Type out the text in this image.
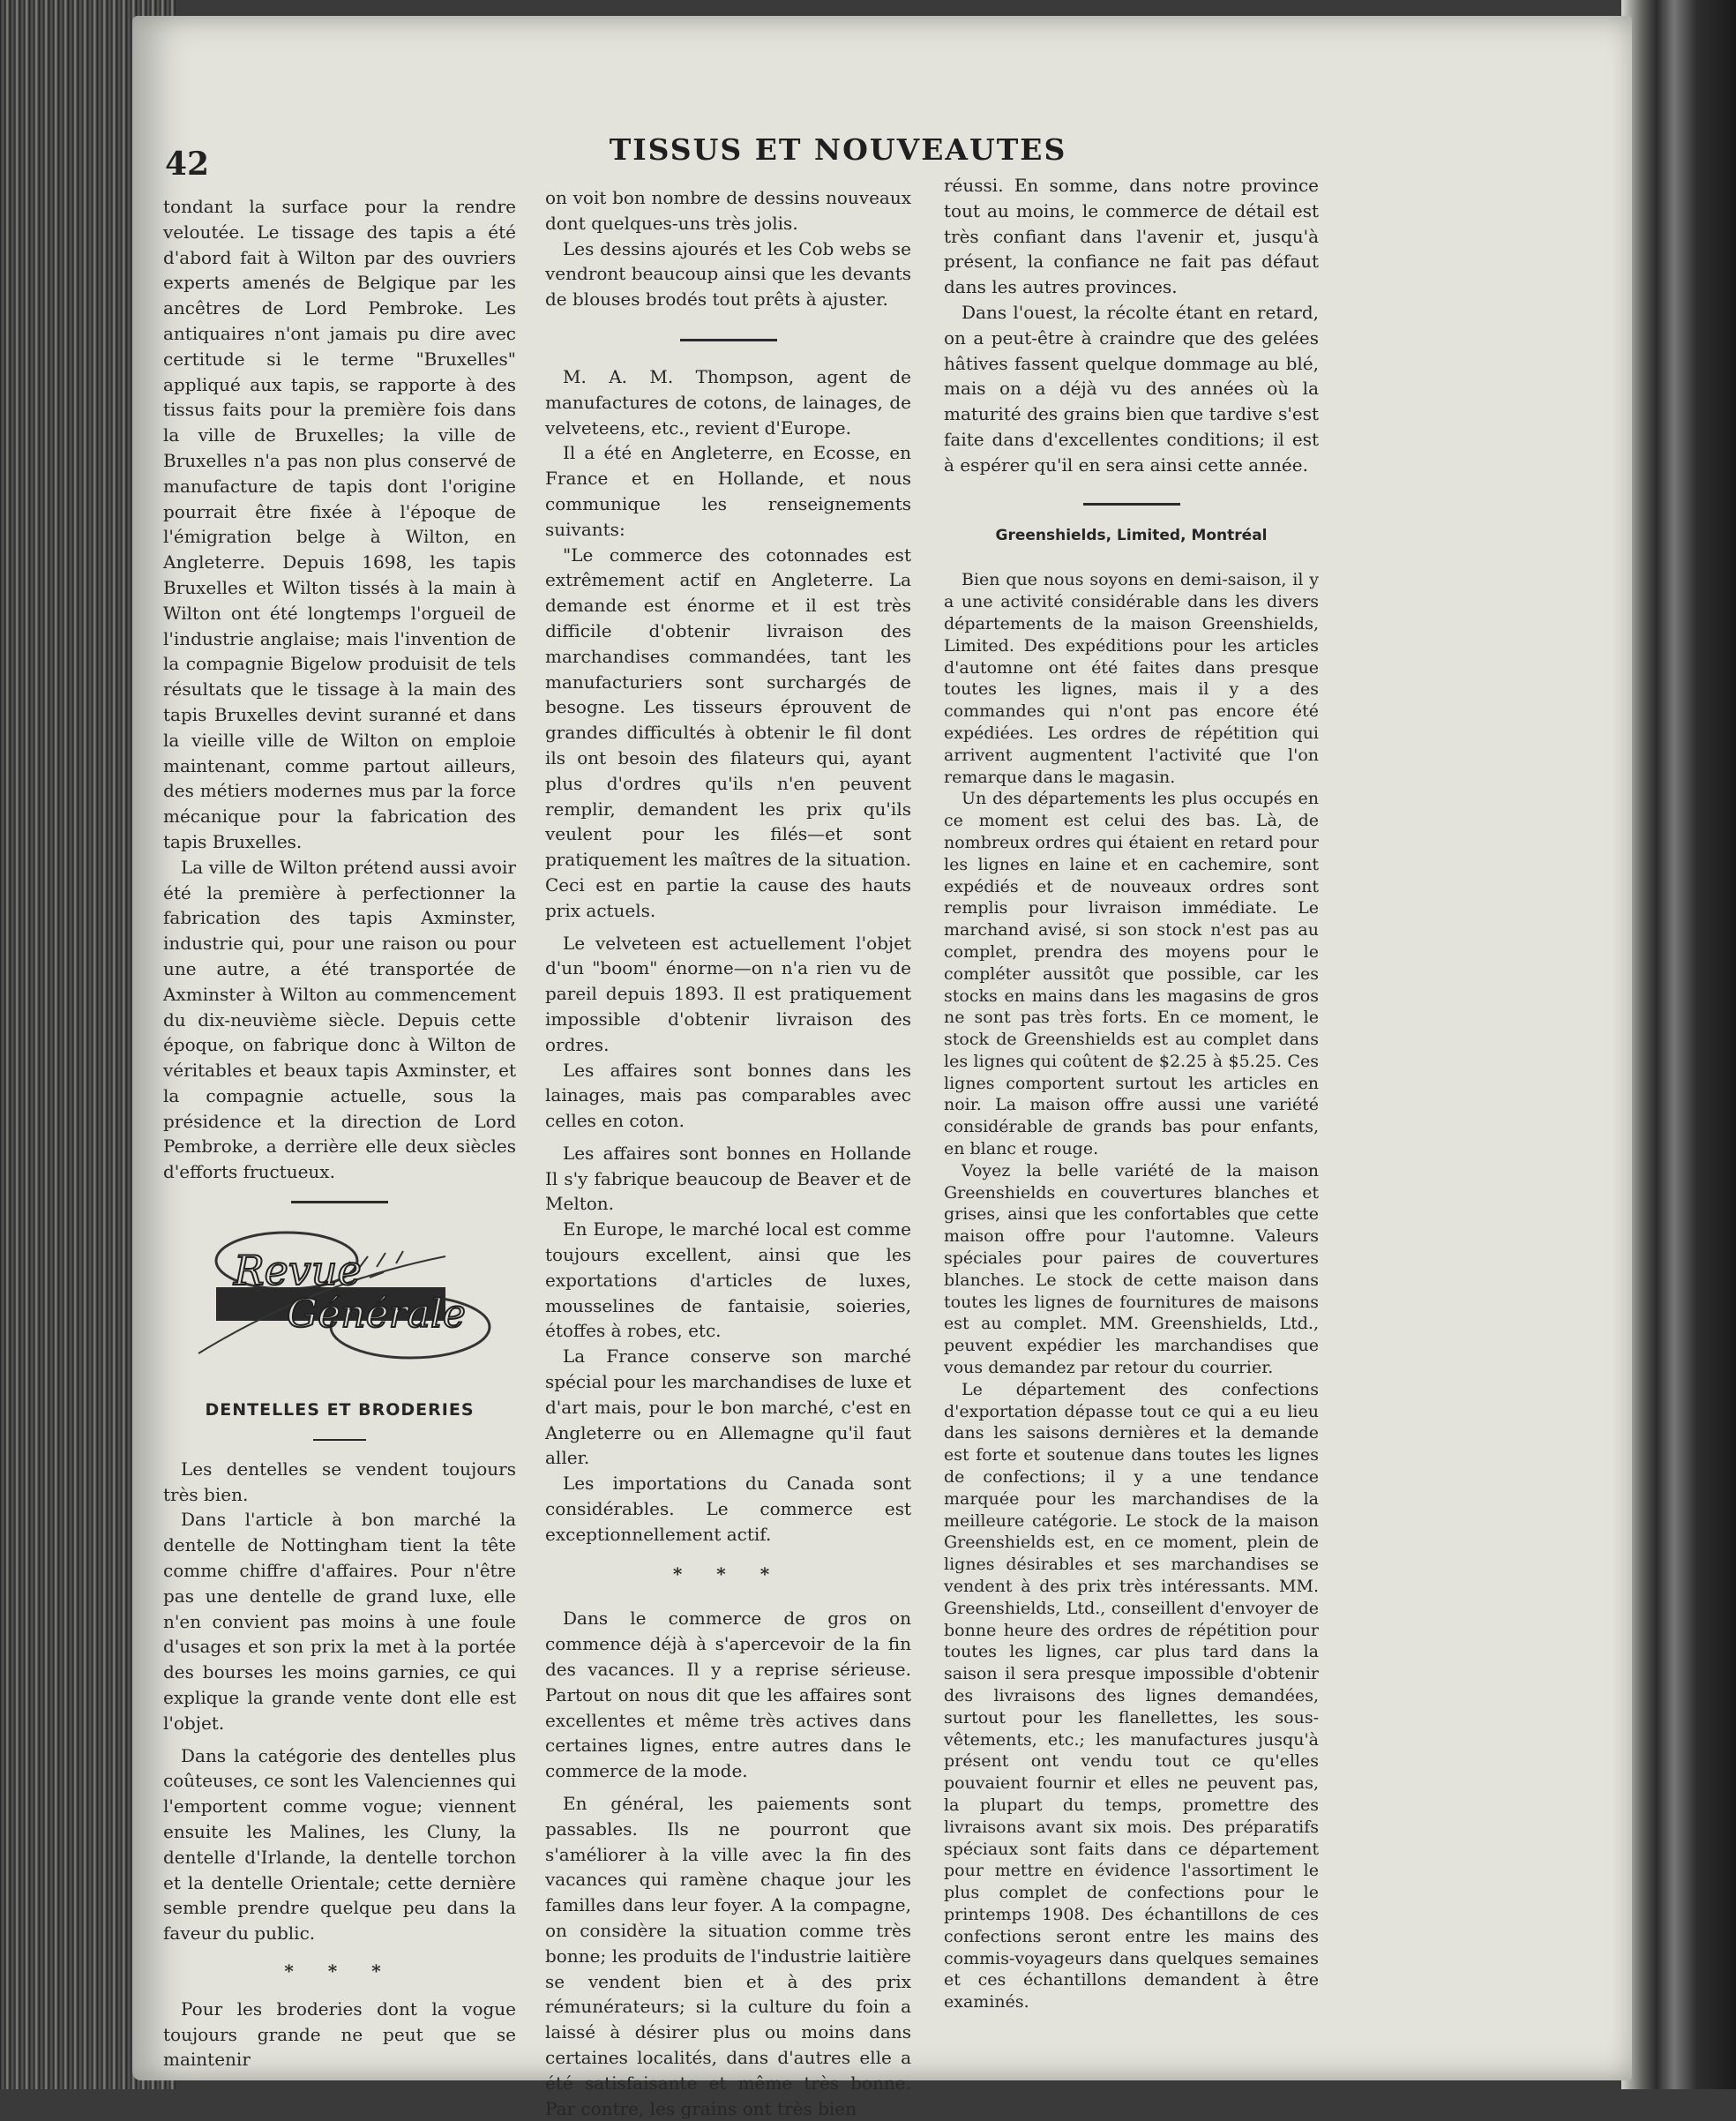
42	TISSUS ET NOUVEAUTES

tondant la surface pour la rendre veloutée. Le tissage des tapis a été d'abord fait à Wilton par des ouvriers experts amenés de Belgique par les ancêtres de Lord Pembroke. Les antiquaires n'ont jamais pu dire avec certitude si le terme "Bruxelles" appliqué aux tapis, se rapporte à des tissus faits pour la première fois dans la ville de Bruxelles; la ville de Bruxelles n'a pas non plus conservé de manufacture de tapis dont l'origine pourrait être fixée à l'époque de l'émigration belge à Wilton, en Angleterre. Depuis 1698, les tapis Bruxelles et Wilton tissés à la main à Wilton ont été longtemps l'orgueil de l'industrie anglaise; mais l'invention de la compagnie Bigelow produisit de tels résultats que le tissage à la main des tapis Bruxelles devint suranné et dans la vieille ville de Wilton on emploie maintenant, comme partout ailleurs, des métiers modernes mus par la force mécanique pour la fabrication des tapis Bruxelles.

La ville de Wilton prétend aussi avoir été la première à perfectionner la fabrication des tapis Axminster, industrie qui, pour une raison ou pour une autre, a été transportée de Axminster à Wilton au commencement du dix-neuvième siècle. Depuis cette époque, on fabrique donc à Wilton de véritables et beaux tapis Axminster, et la compagnie actuelle, sous la présidence et la direction de Lord Pembroke, a derrière elle deux siècles d'efforts fructueux.

Revue
Générale
DENTELLES ET BRODERIES

Les dentelles se vendent toujours très bien.

Dans l'article à bon marché la dentelle de Nottingham tient la tête comme chiffre d'affaires. Pour n'être pas une dentelle de grand luxe, elle n'en convient pas moins à une foule d'usages et son prix la met à la portée des bourses les moins garnies, ce qui explique la grande vente dont elle est l'objet.

Dans la catégorie des dentelles plus coûteuses, ce sont les Valenciennes qui l'emportent comme vogue; viennent ensuite les Malines, les Cluny, la dentelle d'Irlande, la dentelle torchon et la dentelle Orientale; cette dernière semble prendre quelque peu dans la faveur du public.

* * *

Pour les broderies dont la vogue toujours grande ne peut que se maintenir

on voit bon nombre de dessins nouveaux dont quelques-uns très jolis.

Les dessins ajourés et les Cob webs se vendront beaucoup ainsi que les devants de blouses brodés tout prêts à ajuster.

M. A. M. Thompson, agent de manufactures de cotons, de lainages, de velveteens, etc., revient d'Europe.

Il a été en Angleterre, en Ecosse, en France et en Hollande, et nous communique les renseignements suivants:

"Le commerce des cotonnades est extrêmement actif en Angleterre. La demande est énorme et il est très difficile d'obtenir livraison des marchandises commandées, tant les manufacturiers sont surchargés de besogne. Les tisseurs éprouvent de grandes difficultés à obtenir le fil dont ils ont besoin des filateurs qui, ayant plus d'ordres qu'ils n'en peuvent remplir, demandent les prix qu'ils veulent pour les filés—et sont pratiquement les maîtres de la situation. Ceci est en partie la cause des hauts prix actuels.

Le velveteen est actuellement l'objet d'un "boom" énorme—on n'a rien vu de pareil depuis 1893. Il est pratiquement impossible d'obtenir livraison des ordres.

Les affaires sont bonnes dans les lainages, mais pas comparables avec celles en coton.

Les affaires sont bonnes en Hollande Il s'y fabrique beaucoup de Beaver et de Melton.

En Europe, le marché local est comme toujours excellent, ainsi que les exportations d'articles de luxes, mousselines de fantaisie, soieries, étoffes à robes, etc.

La France conserve son marché spécial pour les marchandises de luxe et d'art mais, pour le bon marché, c'est en Angleterre ou en Allemagne qu'il faut aller.

Les importations du Canada sont considérables. Le commerce est exceptionnellement actif.

* * *

Dans le commerce de gros on commence déjà à s'apercevoir de la fin des vacances. Il y a reprise sérieuse. Partout on nous dit que les affaires sont excellentes et même très actives dans certaines lignes, entre autres dans le commerce de la mode.

En général, les paiements sont passables. Ils ne pourront que s'améliorer à la ville avec la fin des vacances qui ramène chaque jour les familles dans leur foyer. A la compagne, on considère la situation comme très bonne; les produits de l'industrie laitière se vendent bien et à des prix rémunérateurs; si la culture du foin a laissé à désirer plus ou moins dans certaines localités, dans d'autres elle a été satisfaisante et même très bonne. Par contre, les grains ont très bien

réussi. En somme, dans notre province tout au moins, le commerce de détail est très confiant dans l'avenir et, jusqu'à présent, la confiance ne fait pas défaut dans les autres provinces.

Dans l'ouest, la récolte étant en retard, on a peut-être à craindre que des gelées hâtives fassent quelque dommage au blé, mais on a déjà vu des années où la maturité des grains bien que tardive s'est faite dans d'excellentes conditions; il est à espérer qu'il en sera ainsi cette année.

Greenshields, Limited, Montréal

Bien que nous soyons en demi-saison, il y a une activité considérable dans les divers départements de la maison Greenshields, Limited. Des expéditions pour les articles d'automne ont été faites dans presque toutes les lignes, mais il y a des commandes qui n'ont pas encore été expédiées. Les ordres de répétition qui arrivent augmentent l'activité que l'on remarque dans le magasin.

Un des départements les plus occupés en ce moment est celui des bas. Là, de nombreux ordres qui étaient en retard pour les lignes en laine et en cachemire, sont expédiés et de nouveaux ordres sont remplis pour livraison immédiate. Le marchand avisé, si son stock n'est pas au complet, prendra des moyens pour le compléter aussitôt que possible, car les stocks en mains dans les magasins de gros ne sont pas très forts. En ce moment, le stock de Greenshields est au complet dans les lignes qui coûtent de $2.25 à $5.25. Ces lignes comportent surtout les articles en noir. La maison offre aussi une variété considérable de grands bas pour enfants, en blanc et rouge.

Voyez la belle variété de la maison Greenshields en couvertures blanches et grises, ainsi que les confortables que cette maison offre pour l'automne. Valeurs spéciales pour paires de couvertures blanches. Le stock de cette maison dans toutes les lignes de fournitures de maisons est au complet. MM. Greenshields, Ltd., peuvent expédier les marchandises que vous demandez par retour du courrier.

Le département des confections d'exportation dépasse tout ce qui a eu lieu dans les saisons dernières et la demande est forte et soutenue dans toutes les lignes de confections; il y a une tendance marquée pour les marchandises de la meilleure catégorie. Le stock de la maison Greenshields est, en ce moment, plein de lignes désirables et ses marchandises se vendent à des prix très intéressants. MM. Greenshields, Ltd., conseillent d'envoyer de bonne heure des ordres de répétition pour toutes les lignes, car plus tard dans la saison il sera presque impossible d'obtenir des livraisons des lignes demandées, surtout pour les flanellettes, les sous-vêtements, etc.; les manufactures jusqu'à présent ont vendu tout ce qu'elles pouvaient fournir et elles ne peuvent pas, la plupart du temps, promettre des livraisons avant six mois. Des préparatifs spéciaux sont faits dans ce département pour mettre en évidence l'assortiment le plus complet de confections pour le printemps 1908. Des échantillons de ces confections seront entre les mains des commis-voyageurs dans quelques semaines et ces échantillons demandent à être examinés.
